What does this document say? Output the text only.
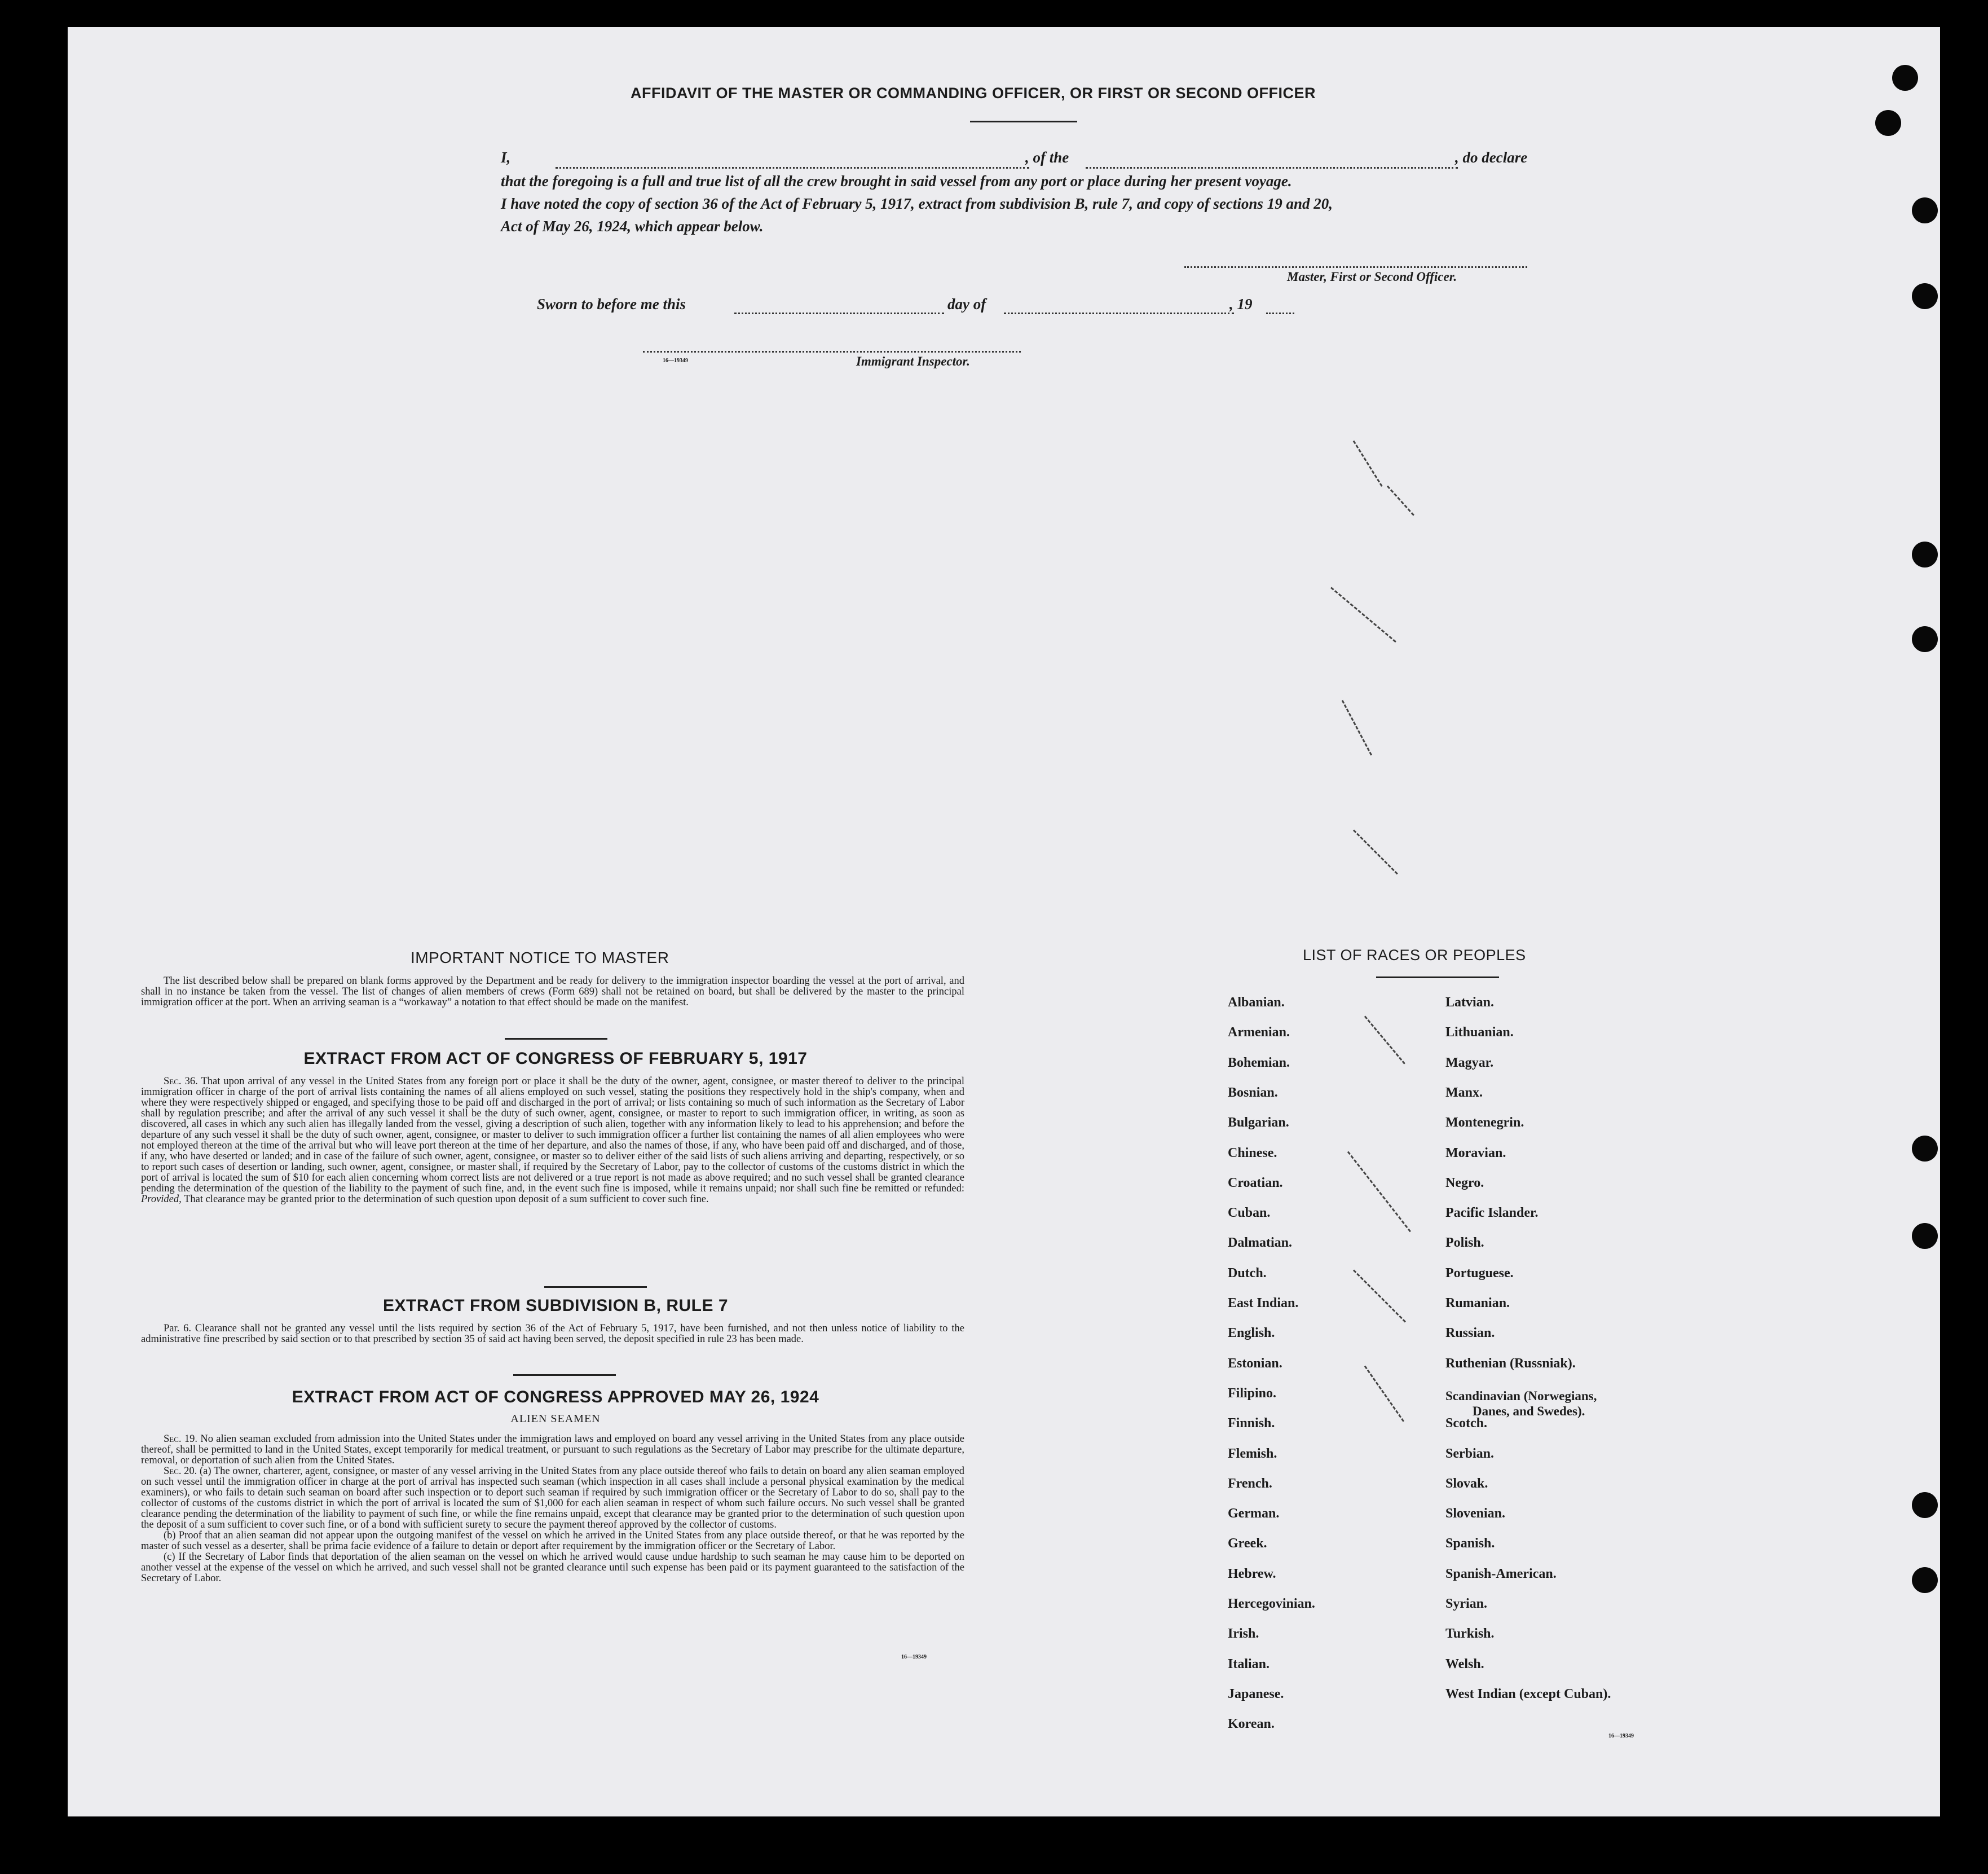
AFFIDAVIT OF THE MASTER OR COMMANDING OFFICER, OR FIRST OR SECOND OFFICER
I,	, of the	, do declare
that the foregoing is a full and true list of all the crew brought in said vessel from any port or place during her present voyage.
I have noted the copy of section 36 of the Act of February 5, 1917, extract from subdivision B, rule 7, and copy of sections 19 and 20,
Act of May 26, 1924, which appear below.
Master, First or Second Officer.
Sworn to before me this	day of	, 19
16—19349	Immigrant Inspector.
IMPORTANT NOTICE TO MASTER
The list described below shall be prepared on blank forms approved by the Department and be ready for delivery to the immigration inspector boarding the vessel at the port of arrival, and shall in no instance be taken from the vessel. The list of changes of alien members of crews (Form 689) shall not be retained on board, but shall be delivered by the master to the principal immigration officer at the port. When an arriving seaman is a “workaway” a notation to that effect should be made on the manifest.
EXTRACT FROM ACT OF CONGRESS OF FEBRUARY 5, 1917
Sec. 36. That upon arrival of any vessel in the United States from any foreign port or place it shall be the duty of the owner, agent, consignee, or master thereof to deliver to the principal immigration officer in charge of the port of arrival lists containing the names of all aliens employed on such vessel, stating the positions they respectively hold in the ship's company, when and where they were respectively shipped or engaged, and specifying those to be paid off and discharged in the port of arrival; or lists containing so much of such information as the Secretary of Labor shall by regulation prescribe; and after the arrival of any such vessel it shall be the duty of such owner, agent, consignee, or master to report to such immigration officer, in writing, as soon as discovered, all cases in which any such alien has illegally landed from the vessel, giving a description of such alien, together with any information likely to lead to his apprehension; and before the departure of any such vessel it shall be the duty of such owner, agent, consignee, or master to deliver to such immigration officer a further list containing the names of all alien employees who were not employed thereon at the time of the arrival but who will leave port thereon at the time of her departure, and also the names of those, if any, who have been paid off and discharged, and of those, if any, who have deserted or landed; and in case of the failure of such owner, agent, consignee, or master so to deliver either of the said lists of such aliens arriving and departing, respectively, or so to report such cases of desertion or landing, such owner, agent, consignee, or master shall, if required by the Secretary of Labor, pay to the collector of customs of the customs district in which the port of arrival is located the sum of $10 for each alien concerning whom correct lists are not delivered or a true report is not made as above required; and no such vessel shall be granted clearance pending the determination of the question of the liability to the payment of such fine, and, in the event such fine is imposed, while it remains unpaid; nor shall such fine be remitted or refunded: Provided, That clearance may be granted prior to the determination of such question upon deposit of a sum sufficient to cover such fine.
EXTRACT FROM SUBDIVISION B, RULE 7
Par. 6. Clearance shall not be granted any vessel until the lists required by section 36 of the Act of February 5, 1917, have been furnished, and not then unless notice of liability to the administrative fine prescribed by said section or to that prescribed by section 35 of said act having been served, the deposit specified in rule 23 has been made.
EXTRACT FROM ACT OF CONGRESS APPROVED MAY 26, 1924
ALIEN SEAMEN
Sec. 19. No alien seaman excluded from admission into the United States under the immigration laws and employed on board any vessel arriving in the United States from any place outside thereof, shall be permitted to land in the United States, except temporarily for medical treatment, or pursuant to such regulations as the Secretary of Labor may prescribe for the ultimate departure, removal, or deportation of such alien from the United States.
Sec. 20. (a) The owner, charterer, agent, consignee, or master of any vessel arriving in the United States from any place outside thereof who fails to detain on board any alien seaman employed on such vessel until the immigration officer in charge at the port of arrival has inspected such seaman (which inspection in all cases shall include a personal physical examination by the medical examiners), or who fails to detain such seaman on board after such inspection or to deport such seaman if required by such immigration officer or the Secretary of Labor to do so, shall pay to the collector of customs of the customs district in which the port of arrival is located the sum of $1,000 for each alien seaman in respect of whom such failure occurs. No such vessel shall be granted clearance pending the determination of the liability to payment of such fine, or while the fine remains unpaid, except that clearance may be granted prior to the determination of such question upon the deposit of a sum sufficient to cover such fine, or of a bond with sufficient surety to secure the payment thereof approved by the collector of customs.
(b) Proof that an alien seaman did not appear upon the outgoing manifest of the vessel on which he arrived in the United States from any place outside thereof, or that he was reported by the master of such vessel as a deserter, shall be prima facie evidence of a failure to detain or deport after requirement by the immigration officer or the Secretary of Labor.
(c) If the Secretary of Labor finds that deportation of the alien seaman on the vessel on which he arrived would cause undue hardship to such seaman he may cause him to be deported on another vessel at the expense of the vessel on which he arrived, and such vessel shall not be granted clearance until such expense has been paid or its payment guaranteed to the satisfaction of the Secretary of Labor.
16—19349
LIST OF RACES OR PEOPLES
Albanian.
Armenian.
Bohemian.
Bosnian.
Bulgarian.
Chinese.
Croatian.
Cuban.
Dalmatian.
Dutch.
East Indian.
English.
Estonian.
Filipino.
Finnish.
Flemish.
French.
German.
Greek.
Hebrew.
Hercegovinian.
Irish.
Italian.
Japanese.
Korean.
Latvian.
Lithuanian.
Magyar.
Manx.
Montenegrin.
Moravian.
Negro.
Pacific Islander.
Polish.
Portuguese.
Rumanian.
Russian.
Ruthenian (Russniak).
Scandinavian (Norwegians,
Danes, and Swedes).
Scotch.
Serbian.
Slovak.
Slovenian.
Spanish.
Spanish-American.
Syrian.
Turkish.
Welsh.
West Indian (except Cuban).
16—19349
